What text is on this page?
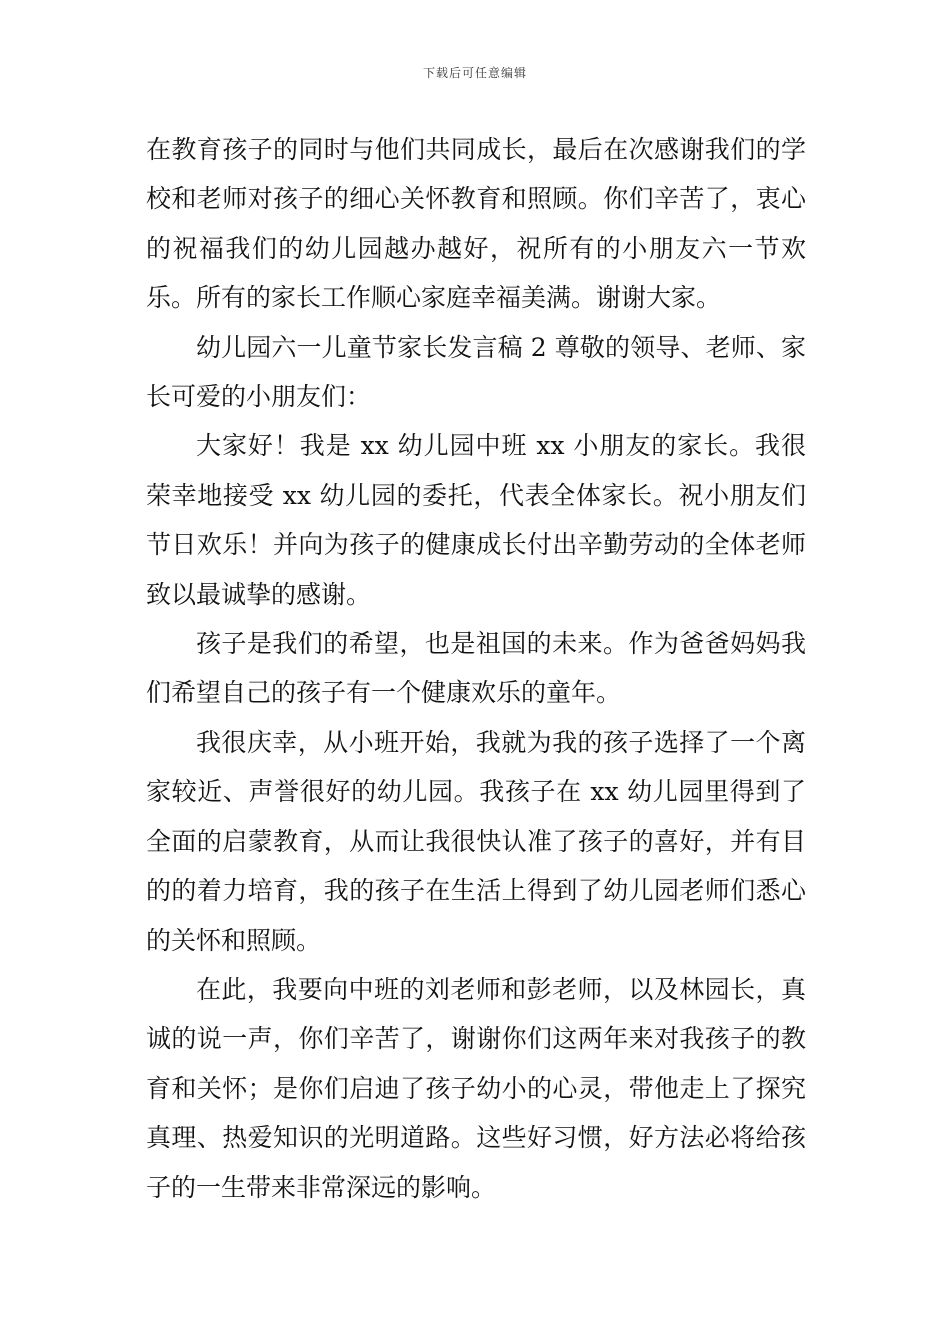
下载后可任意编辑

在教育孩子的同时与他们共同成长，最后在次感谢我们的学校和老师对孩子的细心关怀教育和照顾。你们辛苦了，衷心的祝福我们的幼儿园越办越好，祝所有的小朋友六一节欢乐。所有的家长工作顺心家庭幸福美满。谢谢大家。

幼儿园六一儿童节家长发言稿 2 尊敬的领导、老师、家长可爱的小朋友们：

大家好！我是 xx 幼儿园中班 xx 小朋友的家长。我很荣幸地接受 xx 幼儿园的委托，代表全体家长。祝小朋友们节日欢乐！并向为孩子的健康成长付出辛勤劳动的全体老师致以最诚挚的感谢。

孩子是我们的希望，也是祖国的未来。作为爸爸妈妈我们希望自己的孩子有一个健康欢乐的童年。

我很庆幸，从小班开始，我就为我的孩子选择了一个离家较近、声誉很好的幼儿园。我孩子在 xx 幼儿园里得到了全面的启蒙教育，从而让我很快认准了孩子的喜好，并有目的的着力培育，我的孩子在生活上得到了幼儿园老师们悉心的关怀和照顾。

在此，我要向中班的刘老师和彭老师，以及林园长，真诚的说一声，你们辛苦了，谢谢你们这两年来对我孩子的教育和关怀；是你们启迪了孩子幼小的心灵，带他走上了探究真理、热爱知识的光明道路。这些好习惯，好方法必将给孩子的一生带来非常深远的影响。
